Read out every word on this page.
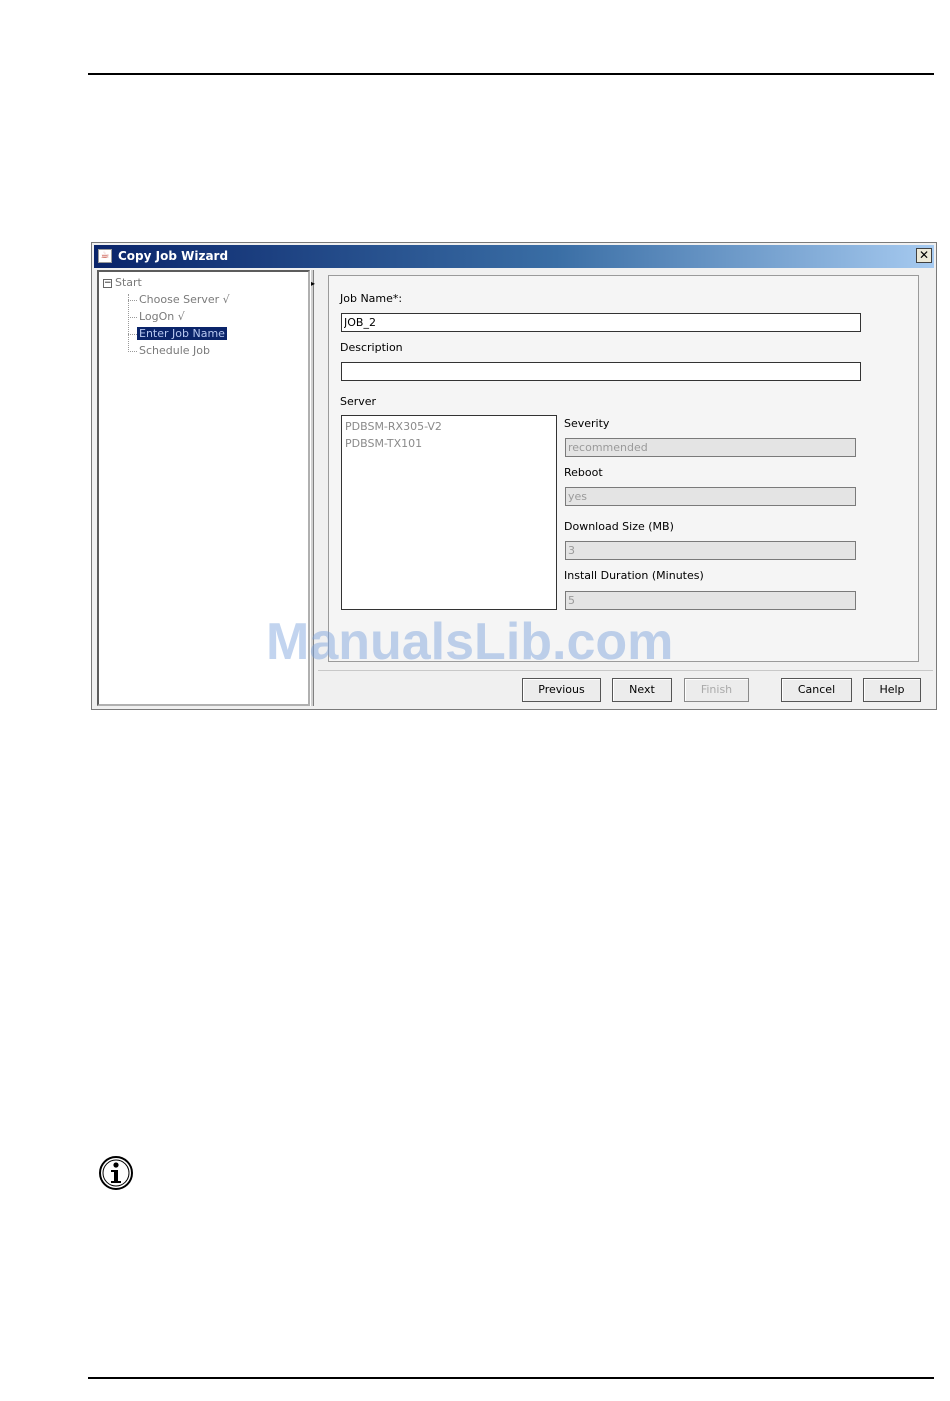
☕ Copy Job Wizard	✕
− Start
Choose Server √
LogOn √
Enter Job Name
Schedule Job
▸
Job Name*:
JOB_2
Description
Server
PDBSM-RX305-V2
PDBSM-TX101
Severity
recommended
Reboot
yes
Download Size (MB)
3
Install Duration (Minutes)
5
Previous	Next	Finish	Cancel	Help
ManualsLib.com
